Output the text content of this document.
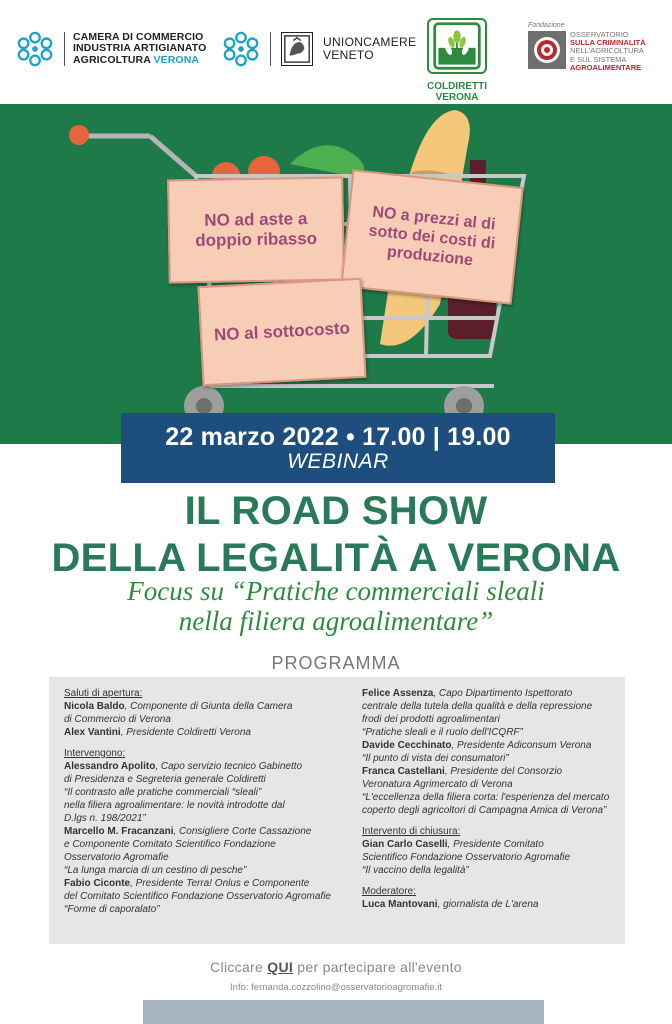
CAMERA DI COMMERCIO
INDUSTRIA ARTIGIANATO
AGRICOLTURA VERONA
UNIONCAMERE
VENETO
COLDIRETTI
VERONA
Fondazione
OSSERVATORIO
SULLA CRIMINALITÀ
NELL'AGRICOLTURA
E SUL SISTEMA
AGROALIMENTARE
NO ad aste a doppio ribasso
NO a prezzi al di sotto dei costi di produzione
NO al sottocosto
22 marzo 2022 • 17.00 | 19.00
WEBINAR
IL ROAD SHOW
DELLA LEGALITÀ A VERONA
Focus su “Pratiche commerciali sleali
nella filiera agroalimentare”
PROGRAMMA
Saluti di apertura:
Nicola Baldo, Componente di Giunta della Camera
di Commercio di Verona
Alex Vantini, Presidente Coldiretti Verona
Intervengono:
Alessandro Apolito, Capo servizio tecnico Gabinetto
di Presidenza e Segreteria generale Coldiretti
“Il contrasto alle pratiche commerciali “sleali”
nella filiera agroalimentare: le novità introdotte dal
D.lgs n. 198/2021”
Marcello M. Fracanzani, Consigliere Corte Cassazione
e Componente Comitato Scientifico Fondazione
Osservatorio Agromafie
“La lunga marcia di un cestino di pesche”
Fabio Ciconte, Presidente Terra! Onlus e Componente
del Comitato Scientifico Fondazione Osservatorio Agromafie
“Forme di caporalato”
Felice Assenza, Capo Dipartimento Ispettorato
centrale della tutela della qualità e della repressione
frodi dei prodotti agroalimentari
“Pratiche sleali e il ruolo dell'ICQRF”
Davide Cecchinato, Presidente Adiconsum Verona
“Il punto di vista dei consumatori”
Franca Castellani, Presidente del Consorzio
Veronatura Agrimercato di Verona
“L'eccellenza della filiera corta: l'esperienza del mercato
coperto degli agricoltori di Campagna Amica di Verona”
Intervento di chiusura:
Gian Carlo Caselli, Presidente Comitato
Scientifico Fondazione Osservatorio Agromafie
“Il vaccino della legalità”
Moderatore:
Luca Mantovani, giornalista de L'arena
Cliccare QUI per partecipare all'evento
Info: fernanda.cozzolino@osservatorioagromafie.it
